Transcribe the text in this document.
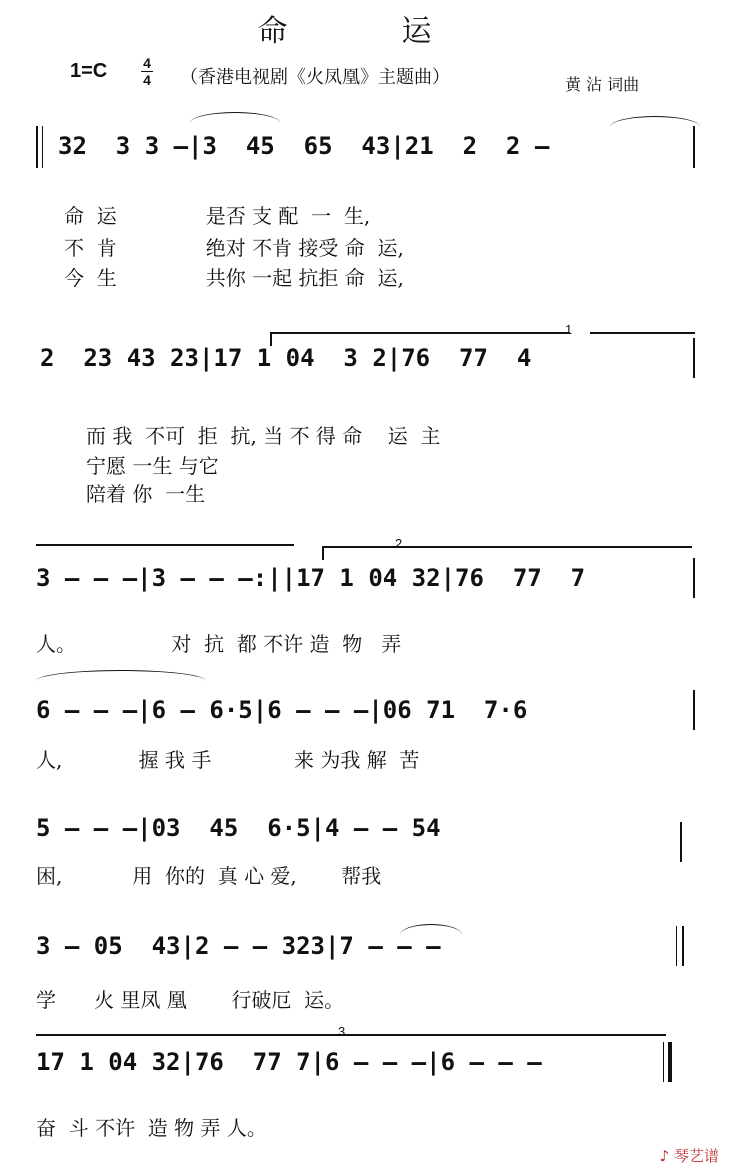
命　运
1=C	4
4 （香港电视剧《火凤凰》主题曲）	黄 沾 词曲
32  3 3 —|3  45  65  43|21  2  2 —
命  运              是否 支 配  一  生,
不  肯              绝对 不肯 接受 命  运,
今  生              共你 一起 抗拒 命  运,
1
2  23 43 23|17 1 04  3 2|76  77  4
而 我  不可  拒  抗, 当 不 得 命    运  主
宁愿 一生 与它
陪着 你  一生
2
3 — — —|3 — — —:||17 1 04 32|76  77  7
人。               对  抗  都 不许 造  物   弄
6 — — —|6 — 6·5|6 — — —|06 71  7·6
人,            握 我 手             来 为我 解  苦
5 — — —|03  45  6·5|4 — — 54
困,           用  你的  真 心 爱,       帮我
3 — 05  43|2 — — 323|7 — — —
学      火 里凤 凰       行破厄  运。
3
17 1 04 32|76  77 7|6 — — —|6 — — —
奋  斗 不许  造 物 弄 人。
♪ 琴艺谱
